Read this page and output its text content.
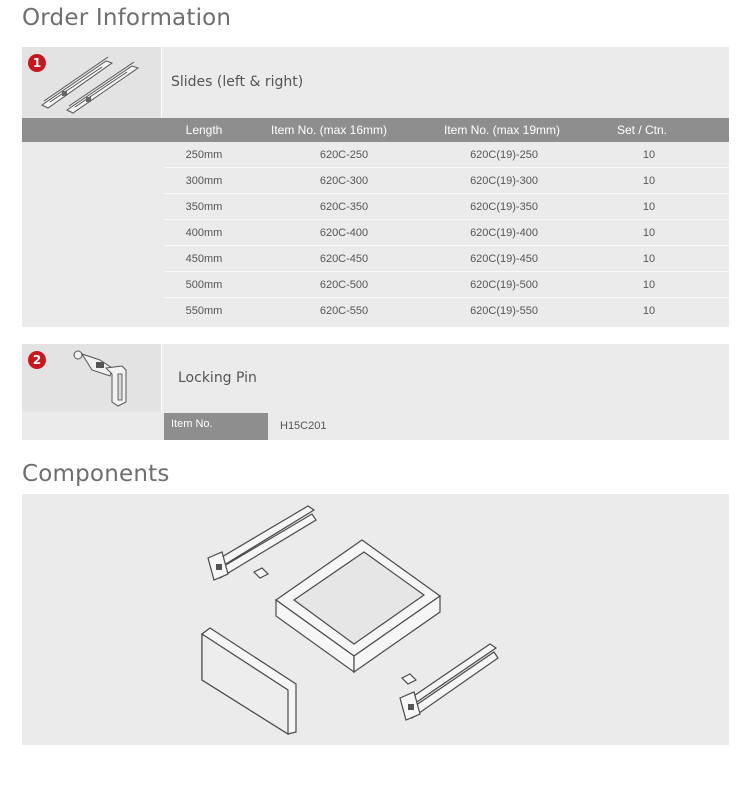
Order Information
1
Slides (left & right)
Length	Item No. (max 16mm)	Item No. (max 19mm)	Set / Ctn.
250mm	620C-250	620C(19)-250	10
300mm	620C-300	620C(19)-300	10
350mm	620C-350	620C(19)-350	10
400mm	620C-400	620C(19)-400	10
450mm	620C-450	620C(19)-450	10
500mm	620C-500	620C(19)-500	10
550mm	620C-550	620C(19)-550	10
2
Locking Pin
Item No.	H15C201
Components
